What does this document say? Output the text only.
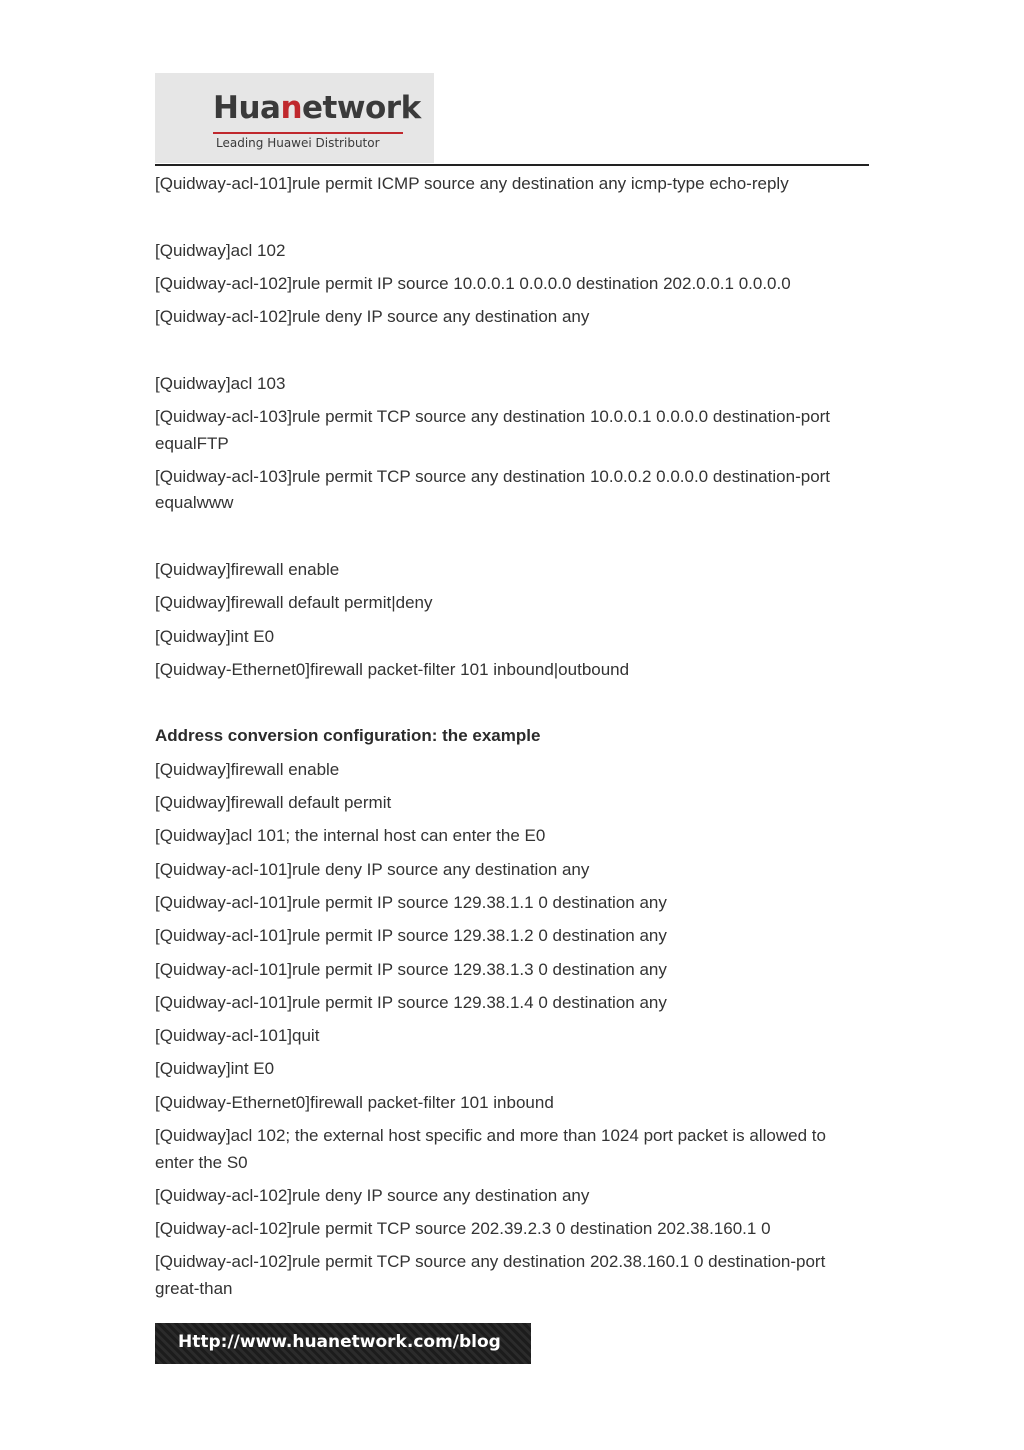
Huanetwork
Leading Huawei Distributor
[Quidway-acl-101]rule permit ICMP source any destination any icmp-type echo-reply
[Quidway]acl 102
[Quidway-acl-102]rule permit IP source 10.0.0.1 0.0.0.0 destination 202.0.0.1 0.0.0.0
[Quidway-acl-102]rule deny IP source any destination any
[Quidway]acl 103
[Quidway-acl-103]rule permit TCP source any destination 10.0.0.1 0.0.0.0 destination-port equalFTP
[Quidway-acl-103]rule permit TCP source any destination 10.0.0.2 0.0.0.0 destination-port equalwww
[Quidway]firewall enable
[Quidway]firewall default permit|deny
[Quidway]int E0
[Quidway-Ethernet0]firewall packet-filter 101 inbound|outbound
Address conversion configuration: the example
[Quidway]firewall enable
[Quidway]firewall default permit
[Quidway]acl 101; the internal host can enter the E0
[Quidway-acl-101]rule deny IP source any destination any
[Quidway-acl-101]rule permit IP source 129.38.1.1 0 destination any
[Quidway-acl-101]rule permit IP source 129.38.1.2 0 destination any
[Quidway-acl-101]rule permit IP source 129.38.1.3 0 destination any
[Quidway-acl-101]rule permit IP source 129.38.1.4 0 destination any
[Quidway-acl-101]quit
[Quidway]int E0
[Quidway-Ethernet0]firewall packet-filter 101 inbound
[Quidway]acl 102; the external host specific and more than 1024 port packet is allowed to enter the S0
[Quidway-acl-102]rule deny IP source any destination any
[Quidway-acl-102]rule permit TCP source 202.39.2.3 0 destination 202.38.160.1 0
[Quidway-acl-102]rule permit TCP source any destination 202.38.160.1 0 destination-port great-than
Http://www.huanetwork.com/blog
